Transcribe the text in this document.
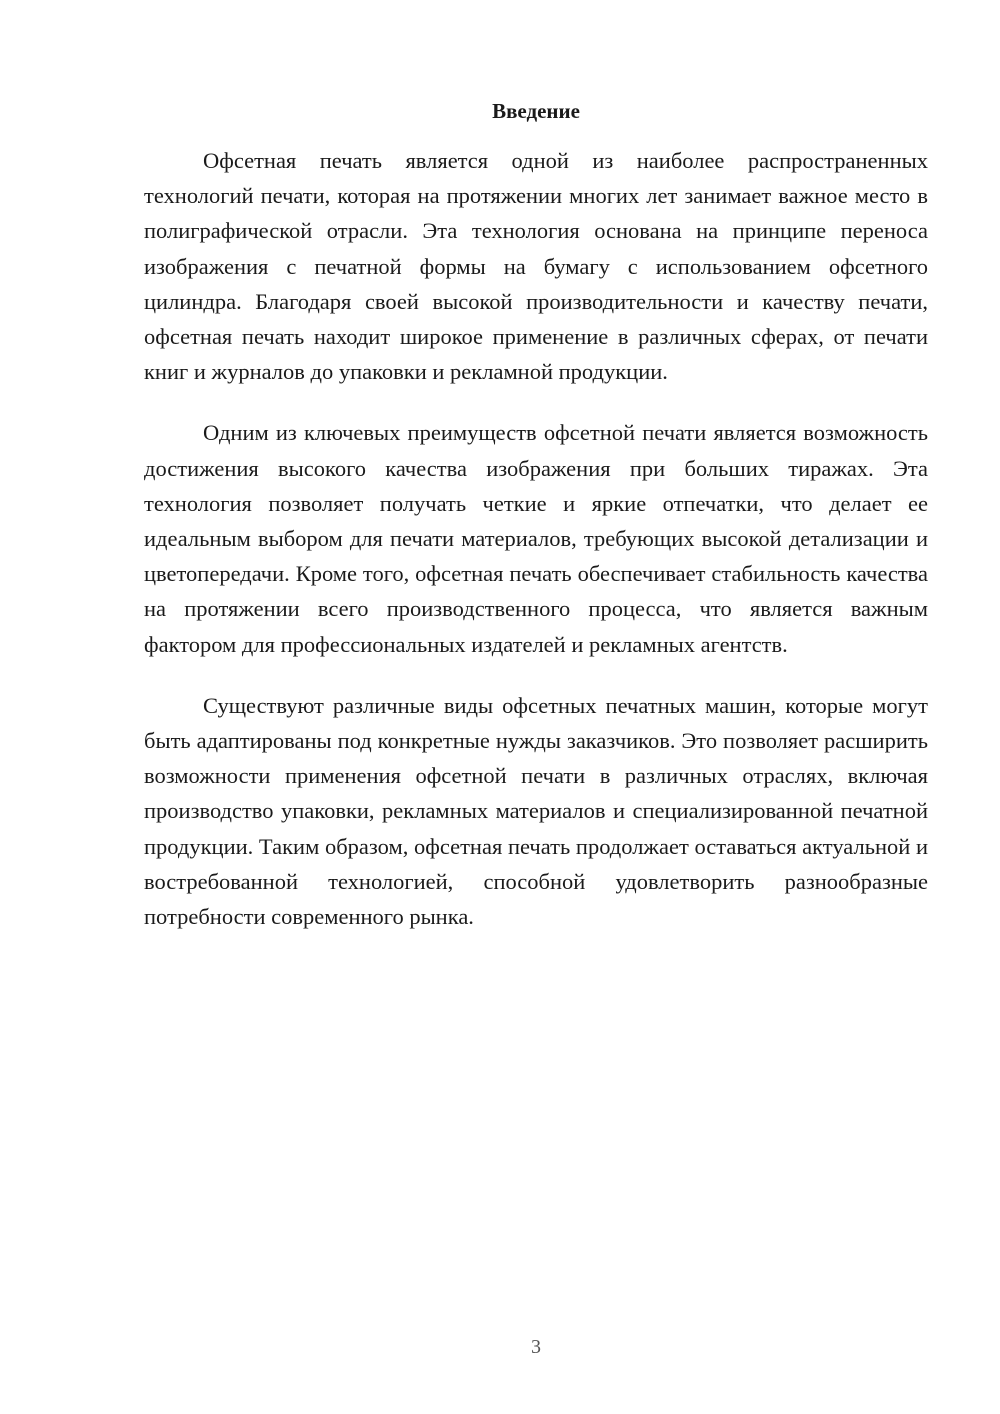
Введение

Офсетная печать является одной из наиболее распространенных технологий печати, которая на протяжении многих лет занимает важное место в полиграфической отрасли. Эта технология основана на принципе переноса изображения с печатной формы на бумагу с использованием офсетного цилиндра. Благодаря своей высокой производительности и качеству печати, офсетная печать находит широкое применение в различных сферах, от печати книг и журналов до упаковки и рекламной продукции.

Одним из ключевых преимуществ офсетной печати является возможность достижения высокого качества изображения при больших тиражах. Эта технология позволяет получать четкие и яркие отпечатки, что делает ее идеальным выбором для печати материалов, требующих высокой детализации и цветопередачи. Кроме того, офсетная печать обеспечивает стабильность качества на протяжении всего производственного процесса, что является важным фактором для профессиональных издателей и рекламных агентств.

Существуют различные виды офсетных печатных машин, которые могут быть адаптированы под конкретные нужды заказчиков. Это позволяет расширить возможности применения офсетной печати в различных отраслях, включая производство упаковки, рекламных материалов и специализированной печатной продукции. Таким образом, офсетная печать продолжает оставаться актуальной и востребованной технологией, способной удовлетворить разнообразные потребности современного рынка.

3
